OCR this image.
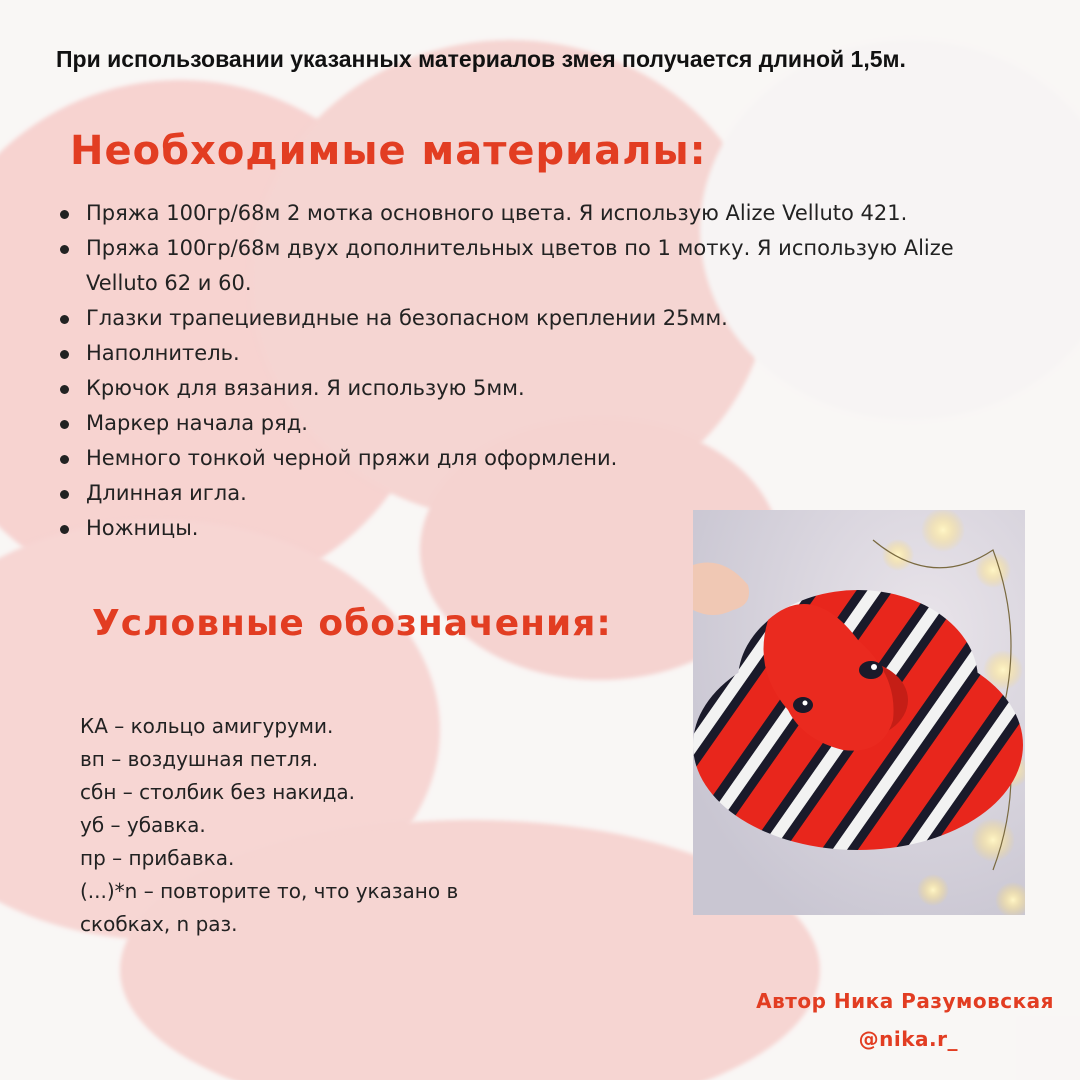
При использовании указанных материалов змея получается длиной 1,5м.
Необходимые материалы:
Пряжа 100гр/68м 2 мотка основного цвета. Я использую Alize Velluto 421.
Пряжа 100гр/68м двух дополнительных цветов по 1 мотку. Я использую Alize Velluto 62 и 60.
Глазки трапециевидные на безопасном креплении 25мм.
Наполнитель.
Крючок для вязания. Я использую 5мм.
Маркер начала ряд.
Немного тонкой черной пряжи для оформлени.
Длинная игла.
Ножницы.
Условные обозначения:
КА – кольцо амигуруми.
вп – воздушная петля.
сбн – столбик без накида.
уб – убавка.
пр – прибавка.
(...)*n – повторите то, что указано в скобках, n раз.
Автор Ника Разумовская
@nika.r_
